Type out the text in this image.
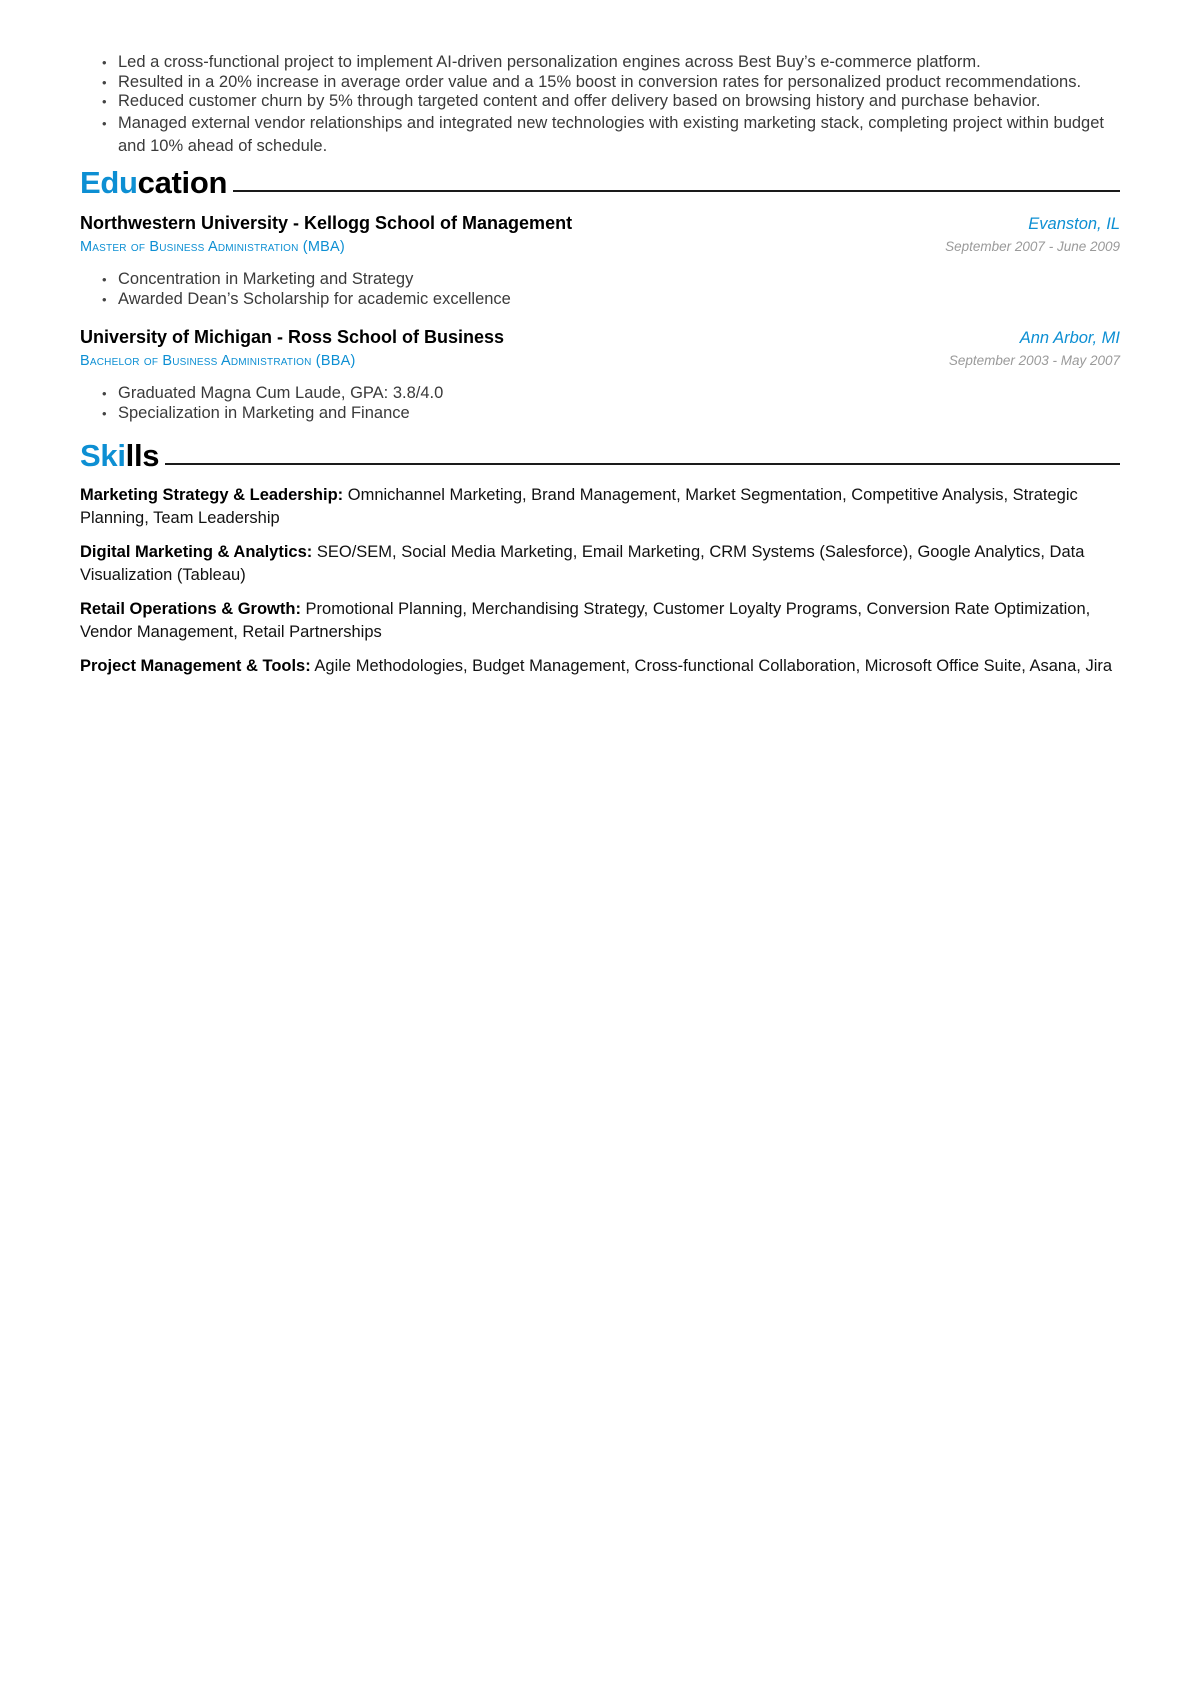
• Led a cross-functional project to implement AI-driven personalization engines across Best Buy’s e-commerce platform.
• Resulted in a 20% increase in average order value and a 15% boost in conversion rates for personalized product recommendations.
• Reduced customer churn by 5% through targeted content and offer delivery based on browsing history and purchase behavior.
• Managed external vendor relationships and integrated new technologies with existing marketing stack, completing project within budget and 10% ahead of schedule.
Education
Northwestern University - Kellogg School of Management	Evanston, IL
Master of Business Administration (MBA)	September 2007 - June 2009
• Concentration in Marketing and Strategy
• Awarded Dean’s Scholarship for academic excellence
University of Michigan - Ross School of Business	Ann Arbor, MI
Bachelor of Business Administration (BBA)	September 2003 - May 2007
• Graduated Magna Cum Laude, GPA: 3.8/4.0
• Specialization in Marketing and Finance
Skills
Marketing Strategy & Leadership: Omnichannel Marketing, Brand Management, Market Segmentation, Competitive Analysis, Strategic Planning, Team Leadership
Digital Marketing & Analytics: SEO/SEM, Social Media Marketing, Email Marketing, CRM Systems (Salesforce), Google Analytics, Data Visualization (Tableau)
Retail Operations & Growth: Promotional Planning, Merchandising Strategy, Customer Loyalty Programs, Conversion Rate Optimization, Vendor Management, Retail Partnerships
Project Management & Tools: Agile Methodologies, Budget Management, Cross-functional Collaboration, Microsoft Office Suite, Asana, Jira
